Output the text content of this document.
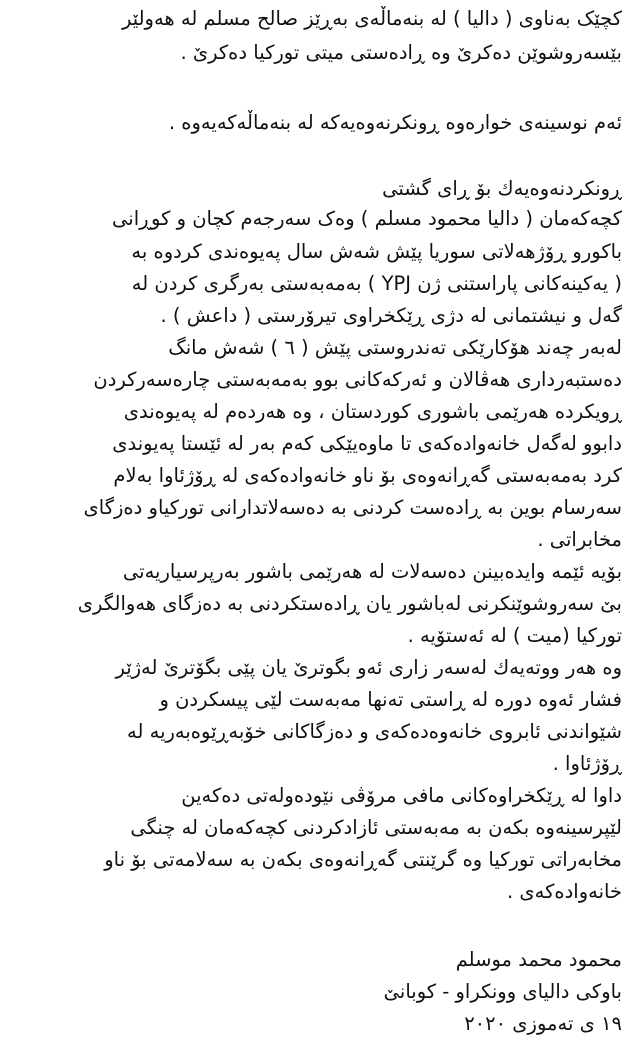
کچێک بەناوی ( دالیا ) لە بنەماڵەی بەڕێز صالح مسلم لە هەولێر
بێسەروشوێن دەکرێ وە ڕادەستی میتی تورکیا دەکرێ .
ئەم نوسینەی خوارەوە ڕونکرنەوەیەکە لە بنەماڵەکەیەوە .
ڕونکردنەوەیەك بۆ ڕای گشتی
کچەکەمان ( دالیا محمود مسلم ) وەک سەرجەم کچان و کوڕانی
باکورو ڕۆژهەلاتی سوریا پێش شەش سال پەیوەندی کردوە بە
( یەکینەکانی پاراستنی ژن YPJ ) بەمەبەستی بەرگری کردن لە
گەل و نیشتمانی لە دژی ڕێکخراوی تیرۆرستی ( داعش ) .
لەبەر چەند هۆکارێکی تەندروستی پێش ( ٦ ) شەش مانگ
دەستبەرداری هەڤالان و ئەرکەکانی بوو بەمەبەستی چارەسەرکردن
ڕویکردە هەرێمی باشوری کوردستان ، وە هەردەم لە پەیوەندی
دابوو لەگەل خانەوادەکەی تا ماوەیێکی کەم بەر لە ئێستا پەیوندی
کرد بەمەبەستی گەڕانەوەی بۆ ناو خانەوادەکەی لە ڕۆژئاوا بەلام
سەرسام بوین بە ڕادەست کردنی بە دەسەلاتدارانی تورکیاو دەزگای
مخابراتی .
بۆیە ئێمە وایدەبینن دەسەلات لە هەرێمی باشور بەرپرسیاریەتی
بێ سەروشوێنکرنی لەباشور یان ڕادەستکردنی بە دەزگای هەوالگری
تورکیا (میت ) لە ئەستۆیە .
وە هەر ووتەیەك لەسەر زاری ئەو بگوترێ یان پێی بگۆترێ لەژێر
فشار ئەوە دورە لە ڕاستی تەنها مەبەست لێی پیسکردن و
شێواندنی ئابروی خانەوەدەکەی و دەزگاکانی خۆبەڕێوەبەریە لە
ڕۆژئاوا .
داوا لە ڕێکخراوەکانی مافی مرۆڤی نێودەولەتی دەکەین
لێپرسینەوە بکەن بە مەبەستی ئازادکردنی کچەکەمان لە چنگی
مخابەراتی تورکیا وە گرێنتی گەڕانەوەی بکەن بە سەلامەتی بۆ ناو
خانەوادەکەی .
محمود محمد موسلم
باوکی دالیای وونکراو - کوبانێ
١٩ ی تەموزی ٢٠٢٠
